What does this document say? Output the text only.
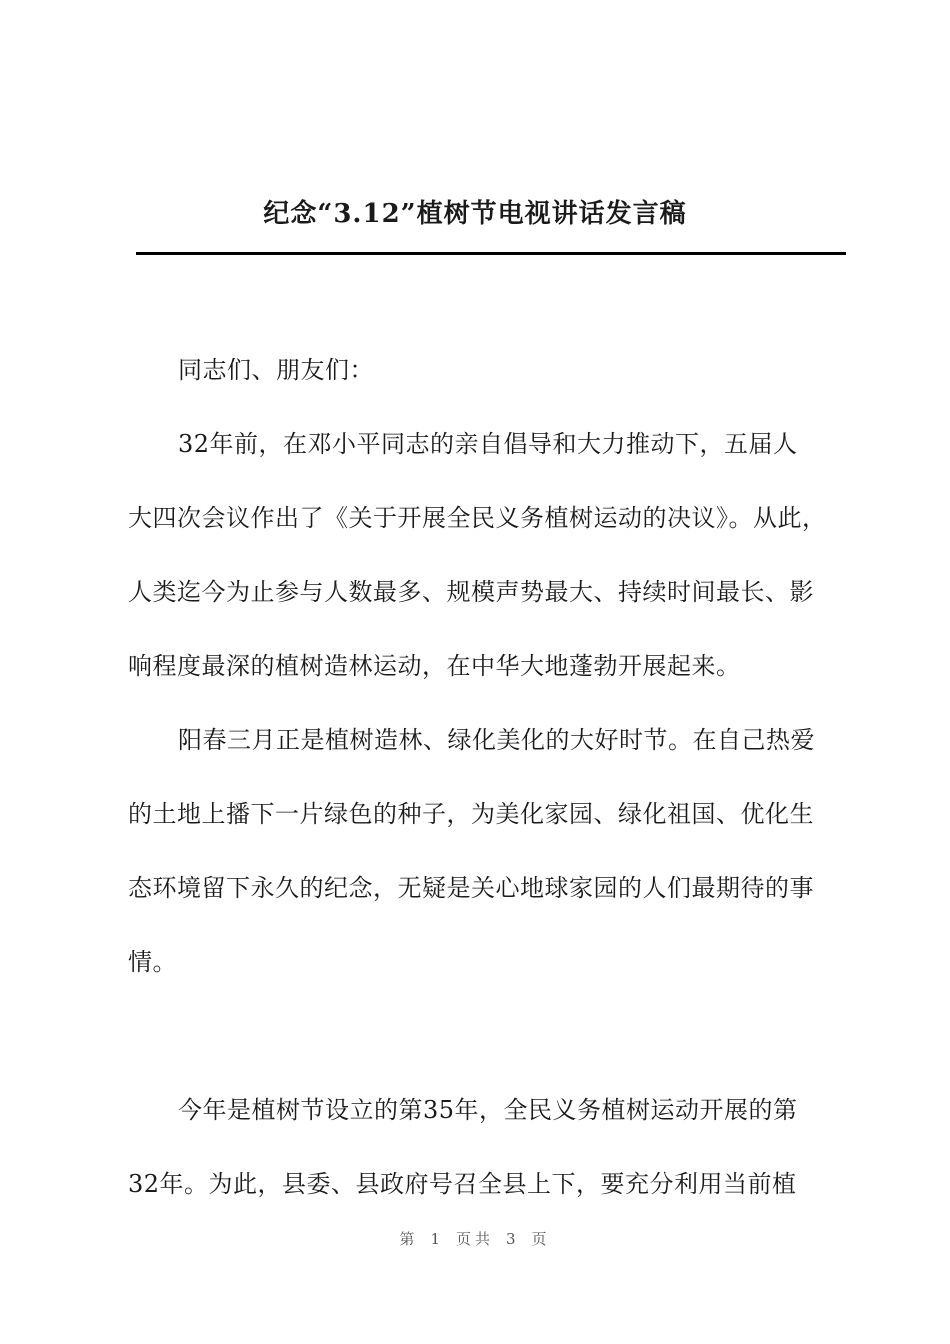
纪念“3.12”植树节电视讲话发言稿
同志们、朋友们：
32年前，在邓小平同志的亲自倡导和大力推动下，五届人
大四次会议作出了《关于开展全民义务植树运动的决议》。从此，
人类迄今为止参与人数最多、规模声势最大、持续时间最长、影
响程度最深的植树造林运动，在中华大地蓬勃开展起来。
阳春三月正是植树造林、绿化美化的大好时节。在自己热爱
的土地上播下一片绿色的种子，为美化家园、绿化祖国、优化生
态环境留下永久的纪念，无疑是关心地球家园的人们最期待的事
情。
今年是植树节设立的第35年，全民义务植树运动开展的第
32年。为此，县委、县政府号召全县上下，要充分利用当前植
第 1 页共 3 页
